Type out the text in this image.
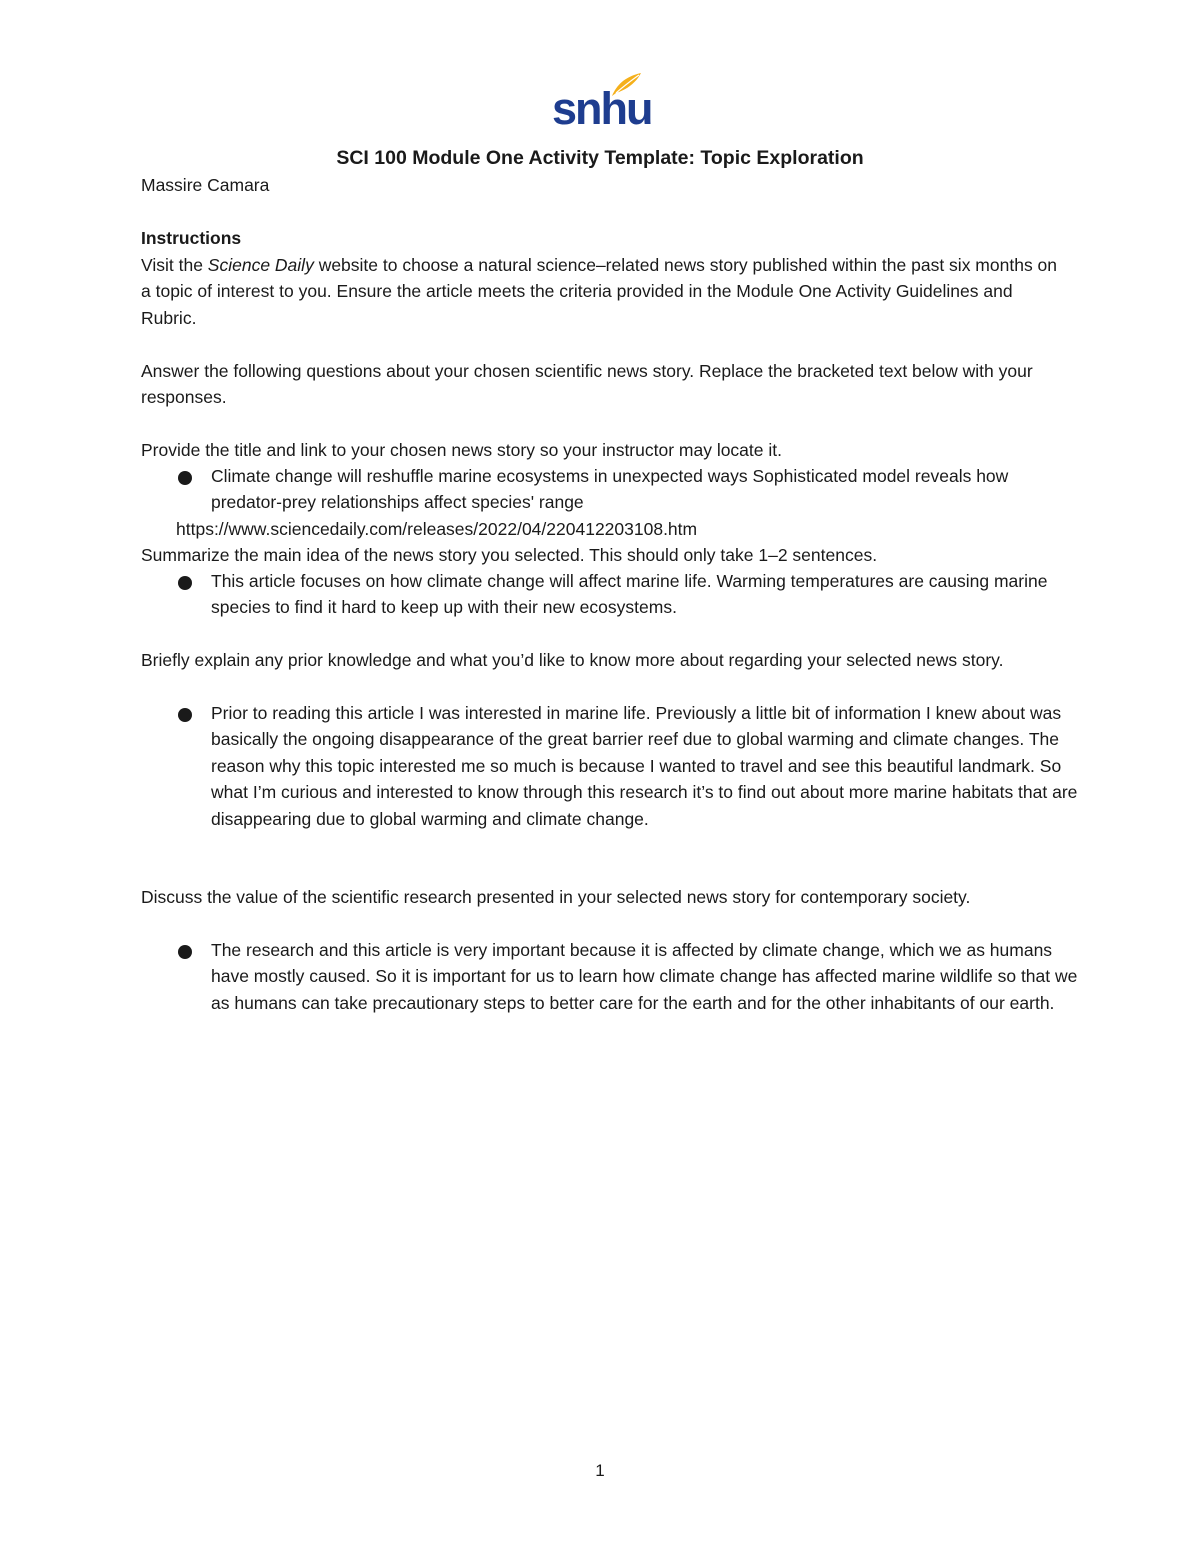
snhu
SCI 100 Module One Activity Template: Topic Exploration
Massire Camara
Instructions
Visit the Science Daily website to choose a natural science–related news story published within the past six months on a topic of interest to you. Ensure the article meets the criteria provided in the Module One Activity Guidelines and Rubric.
Answer the following questions about your chosen scientific news story. Replace the bracketed text below with your responses.
Provide the title and link to your chosen news story so your instructor may locate it.
Climate change will reshuffle marine ecosystems in unexpected ways Sophisticated model reveals how predator-prey relationships affect species' range
https://www.sciencedaily.com/releases/2022/04/220412203108.htm
Summarize the main idea of the news story you selected. This should only take 1–2 sentences.
This article focuses on how climate change will affect marine life. Warming temperatures are causing marine species to find it hard to keep up with their new ecosystems.
Briefly explain any prior knowledge and what you’d like to know more about regarding your selected news story.
Prior to reading this article I was interested in marine life. Previously a little bit of information I knew about was basically the ongoing disappearance of the great barrier reef due to global warming and climate changes. The reason why this topic interested me so much is because I wanted to travel and see this beautiful landmark. So what I’m curious and interested to know through this research it’s to find out about more marine habitats that are disappearing due to global warming and climate change.
Discuss the value of the scientific research presented in your selected news story for contemporary society.
The research and this article is very important because it is affected by climate change, which we as humans have mostly caused. So it is important for us to learn how climate change has affected marine wildlife so that we as humans can take precautionary steps to better care for the earth and for the other inhabitants of our earth.
1
